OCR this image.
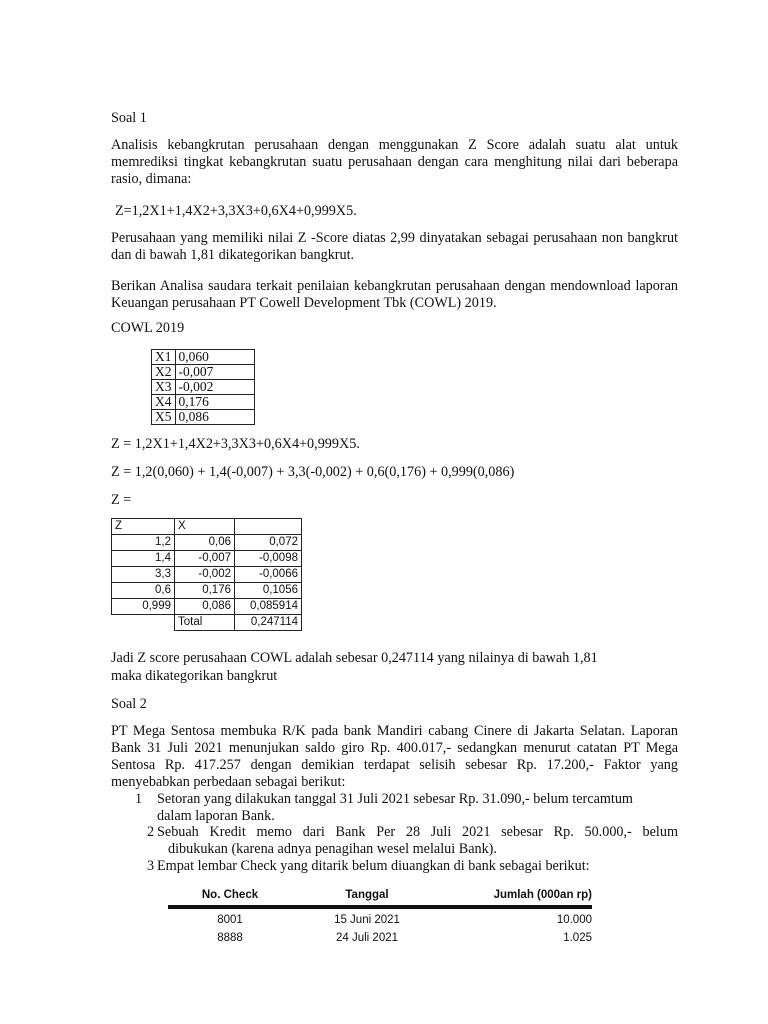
Soal 1

Analisis kebangkrutan perusahaan dengan menggunakan Z Score adalah suatu alat untuk memrediksi tingkat kebangkrutan suatu perusahaan dengan cara menghitung nilai dari beberapa rasio, dimana:

Z=1,2X1+1,4X2+3,3X3+0,6X4+0,999X5.

Perusahaan yang memiliki nilai Z -Score diatas 2,99 dinyatakan sebagai perusahaan non bangkrut dan di bawah 1,81 dikategorikan bangkrut.

Berikan Analisa saudara terkait penilaian kebangkrutan perusahaan dengan mendownload laporan Keuangan perusahaan PT Cowell Development Tbk (COWL) 2019.

COWL 2019

X1	0,060
X2	-0,007
X3	-0,002
X4	0,176
X5	0,086

Z = 1,2X1+1,4X2+3,3X3+0,6X4+0,999X5.

Z = 1,2(0,060) + 1,4(-0,007) + 3,3(-0,002) + 0,6(0,176) + 0,999(0,086)

Z =

Z	X	
1,2	0,06	0,072
1,4	-0,007	-0,0098
3,3	-0,002	-0,0066
0,6	0,176	0,1056
0,999	0,086	0,085914
	Total	0,247114

Jadi Z score perusahaan COWL adalah sebesar 0,247114 yang nilainya di bawah 1,81

maka dikategorikan bangkrut

Soal 2

PT Mega Sentosa membuka R/K pada bank Mandiri cabang Cinere di Jakarta Selatan. Laporan Bank 31 Juli 2021 menunjukan saldo giro Rp. 400.017,- sedangkan menurut catatan PT Mega Sentosa Rp. 417.257 dengan demikian terdapat selisih sebesar Rp. 17.200,- Faktor yang menyebabkan perbedaan sebagai berikut:

1 Setoran yang dilakukan tanggal 31 Juli 2021 sebesar Rp. 31.090,- belum tercamtum

dalam laporan Bank.

2 Sebuah Kredit memo dari Bank Per 28 Juli 2021 sebesar Rp. 50.000,- belum

dibukukan (karena adnya penagihan wesel melalui Bank).

3 Empat lembar Check yang ditarik belum diuangkan di bank sebagai berikut:

No. Check	Tanggal	Jumlah (000an rp)
8001	15 Juni 2021	10.000
8888	24 Juli 2021	1.025
